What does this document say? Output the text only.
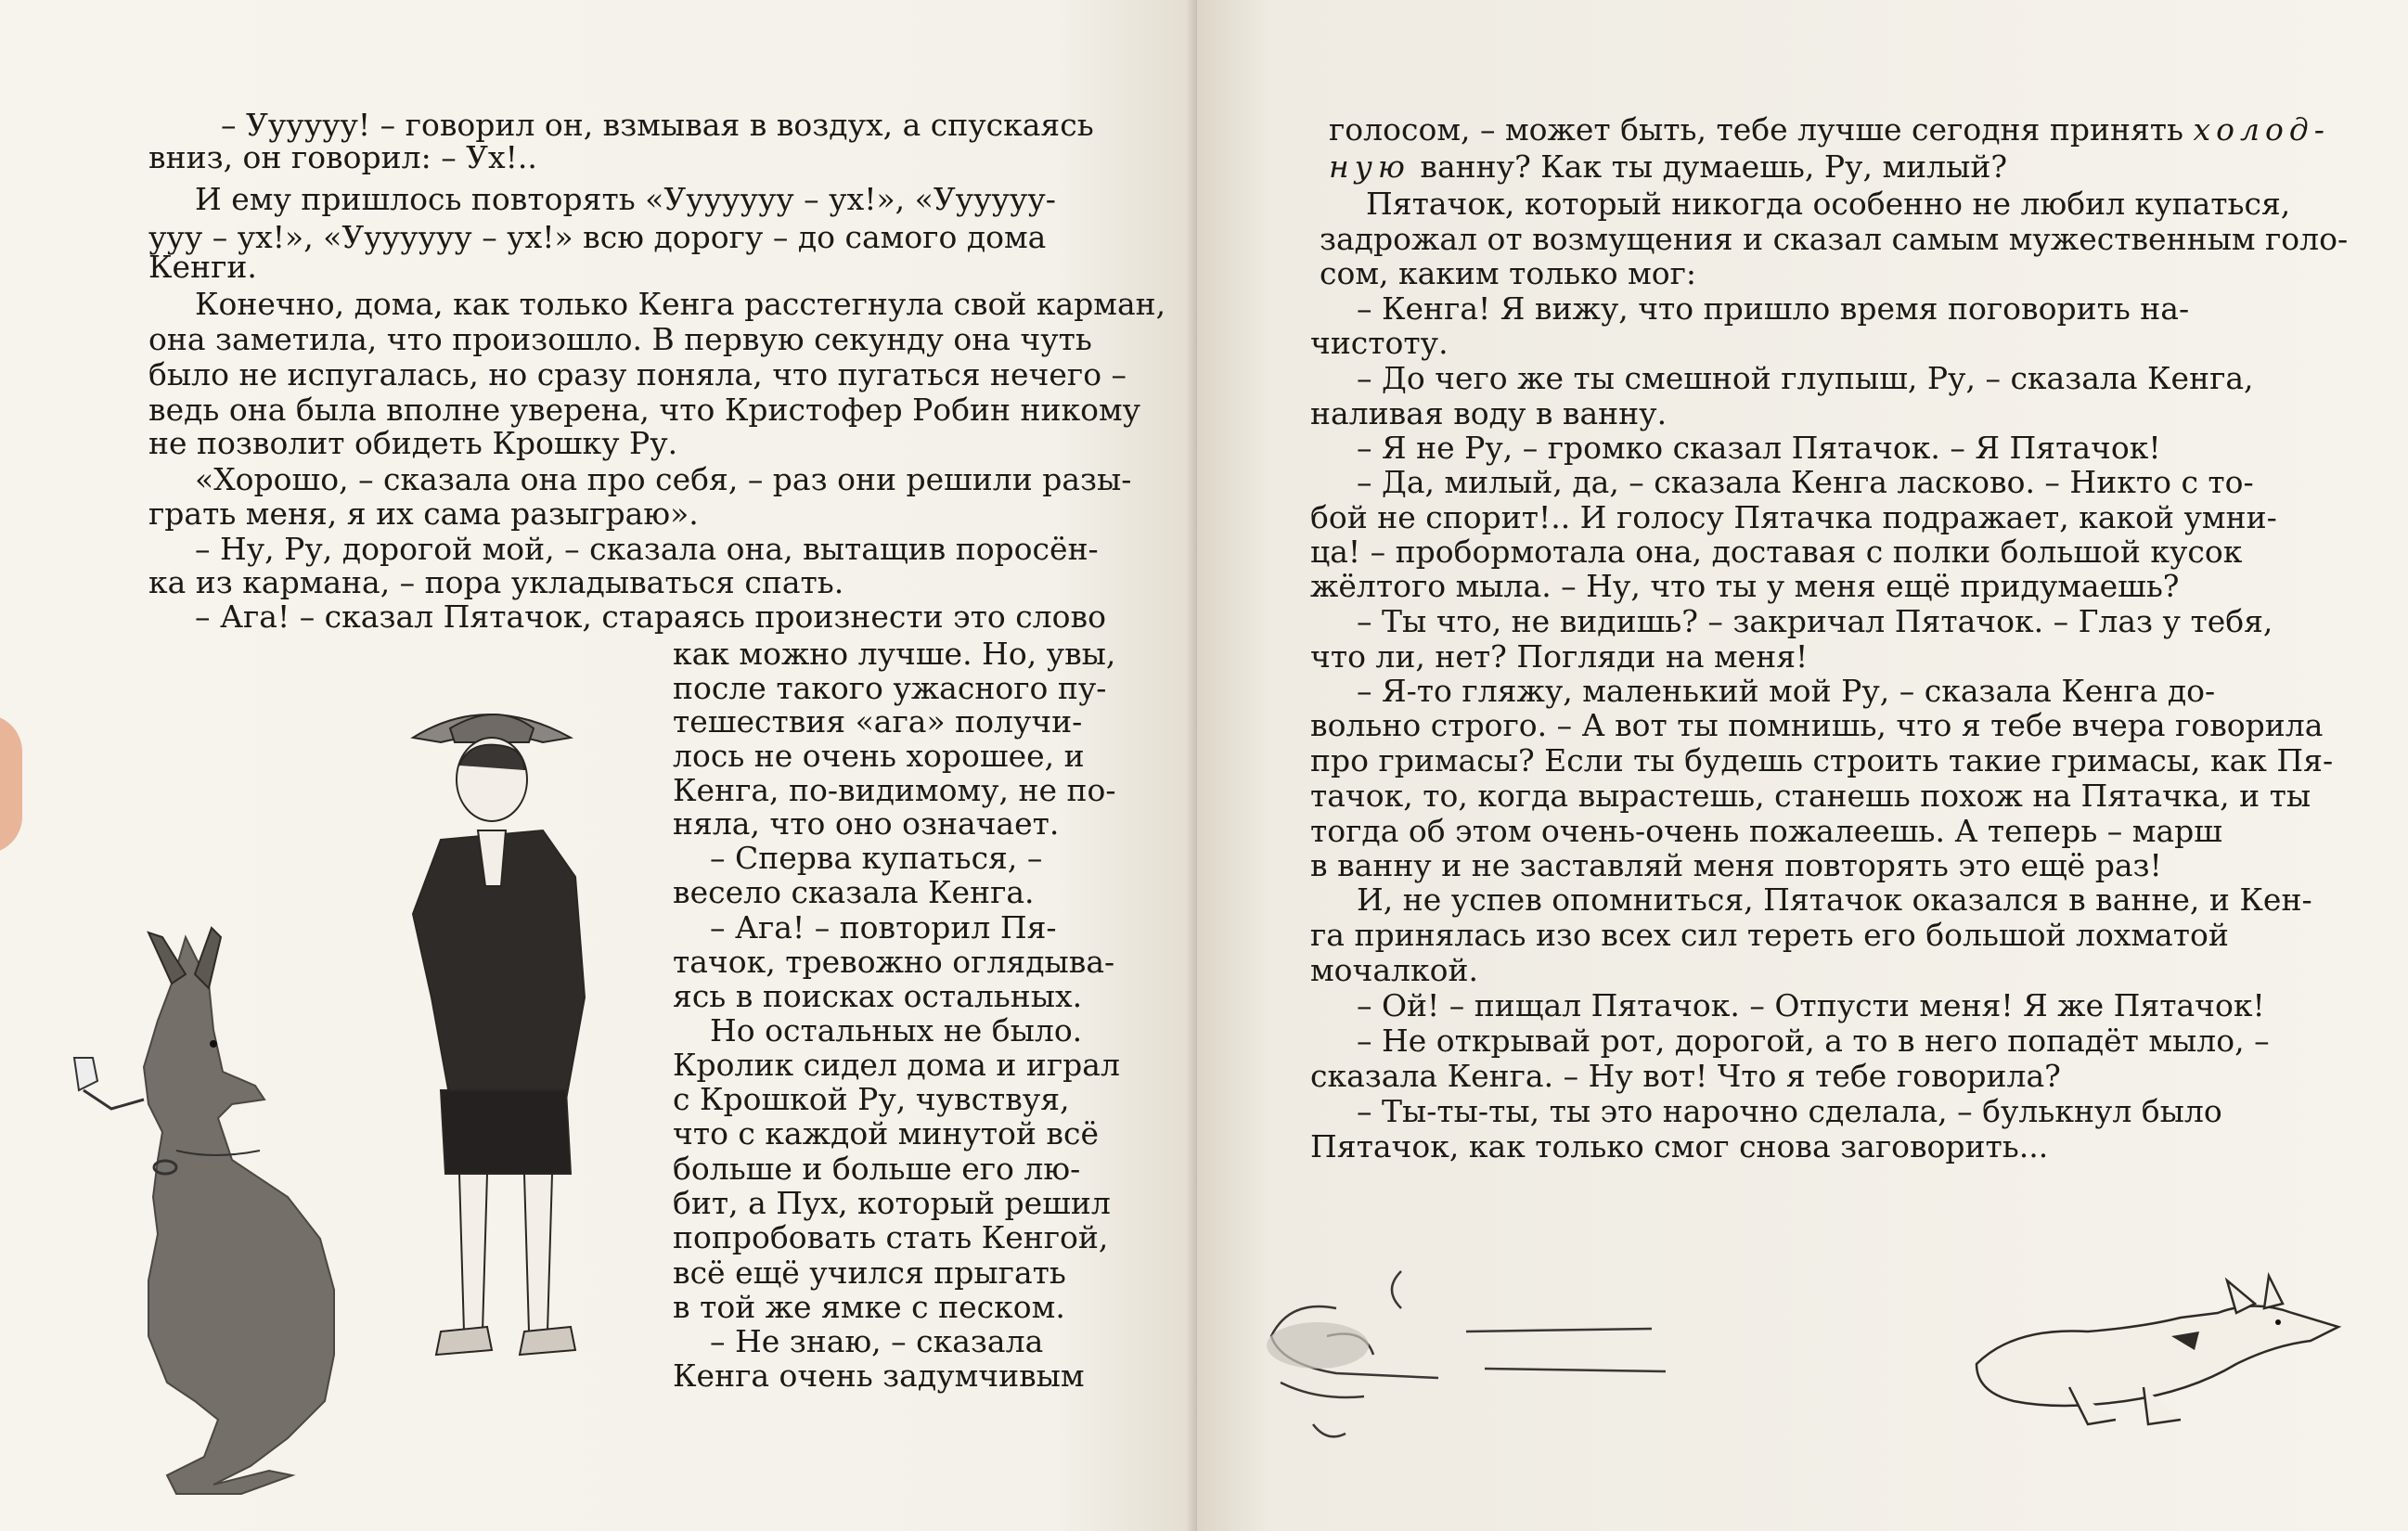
– Уууууу! – говорил он, взмывая в воздух, а спускаясь
вниз, он говорил: – Ух!..
И ему пришлось повторять «Ууууууу – ух!», «Уууууу-
ууу – ух!», «Ууууууу – ух!» всю дорогу – до самого дома
Кенги.
Конечно, дома, как только Кенга расстегнула свой карман,
она заметила, что произошло. В первую секунду она чуть
было не испугалась, но сразу поняла, что пугаться нечего –
ведь она была вполне уверена, что Кристофер Робин никому
не позволит обидеть Крошку Ру.
«Хорошо, – сказала она про себя, – раз они решили разы-
грать меня, я их сама разыграю».
– Ну, Ру, дорогой мой, – сказала она, вытащив поросён-
ка из кармана, – пора укладываться спать.
– Ага! – сказал Пятачок, стараясь произнести это слово
как можно лучше. Но, увы,
после такого ужасного пу-
тешествия «ага» получи-
лось не очень хорошее, и
Кенга, по-видимому, не по-
няла, что оно означает.
– Сперва купаться, –
весело сказала Кенга.
– Ага! – повторил Пя-
тачок, тревожно оглядыва-
ясь в поисках остальных.
Но остальных не было.
Кролик сидел дома и играл
с Крошкой Ру, чувствуя,
что с каждой минутой всё
больше и больше его лю-
бит, а Пух, который решил
попробовать стать Кенгой,
всё ещё учился прыгать
в той же ямке с песком.
– Не знаю, – сказала
Кенга очень задумчивым
голосом, – может быть, тебе лучше сегодня принять холод-
ную ванну? Как ты думаешь, Ру, милый?
Пятачок, который никогда особенно не любил купаться,
задрожал от возмущения и сказал самым мужественным голо-
сом, каким только мог:
– Кенга! Я вижу, что пришло время поговорить на-
чистоту.
– До чего же ты смешной глупыш, Ру, – сказала Кенга,
наливая воду в ванну.
– Я не Ру, – громко сказал Пятачок. – Я Пятачок!
– Да, милый, да, – сказала Кенга ласково. – Никто с то-
бой не спорит!.. И голосу Пятачка подражает, какой умни-
ца! – пробормотала она, доставая с полки большой кусок
жёлтого мыла. – Ну, что ты у меня ещё придумаешь?
– Ты что, не видишь? – закричал Пятачок. – Глаз у тебя,
что ли, нет? Погляди на меня!
– Я-то гляжу, маленький мой Ру, – сказала Кенга до-
вольно строго. – А вот ты помнишь, что я тебе вчера говорила
про гримасы? Если ты будешь строить такие гримасы, как Пя-
тачок, то, когда вырастешь, станешь похож на Пятачка, и ты
тогда об этом очень-очень пожалеешь. А теперь – марш
в ванну и не заставляй меня повторять это ещё раз!
И, не успев опомниться, Пятачок оказался в ванне, и Кен-
га принялась изо всех сил тереть его большой лохматой
мочалкой.
– Ой! – пищал Пятачок. – Отпусти меня! Я же Пятачок!
– Не открывай рот, дорогой, а то в него попадёт мыло, –
сказала Кенга. – Ну вот! Что я тебе говорила?
– Ты-ты-ты, ты это нарочно сделала, – булькнул было
Пятачок, как только смог снова заговорить...
